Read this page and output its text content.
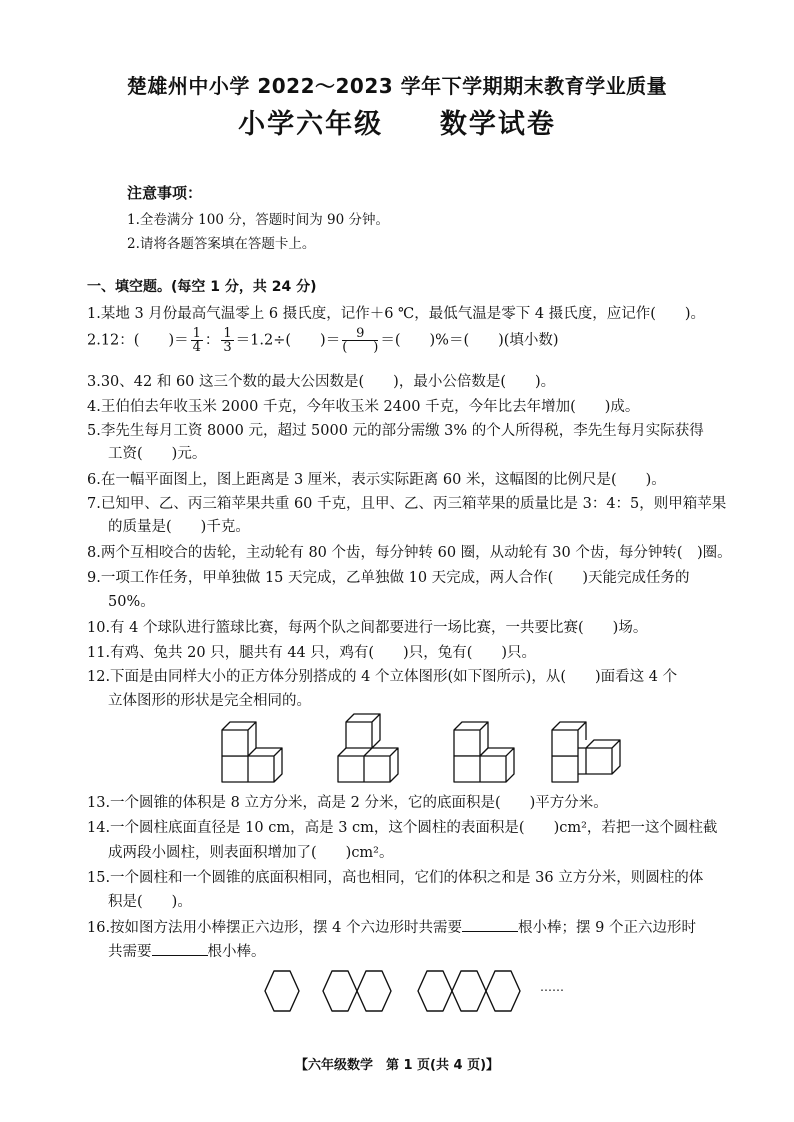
楚雄州中小学 2022～2023 学年下学期期末教育学业质量
小学六年级 数学试卷
注意事项：
1.全卷满分 100 分，答题时间为 90 分钟。
2.请将各题答案填在答题卡上。
一、填空题。(每空 1 分，共 24 分)
1.某地 3 月份最高气温零上 6 摄氏度，记作＋6 ℃，最低气温是零下 4 摄氏度，应记作(　　)。
2.12：(　　)＝ $\frac{1}{4}$ ： $\frac{1}{3} =1.2\div$(　　)＝ $\frac{9}{( )}$ ＝(　　)%＝(　　)(填小数)
3.30、42 和 60 这三个数的最大公因数是(　　)，最小公倍数是(　　)。
4.王伯伯去年收玉米 2000 千克，今年收玉米 2400 千克，今年比去年增加(　　)成。
5.李先生每月工资 8000 元，超过 5000 元的部分需缴 3% 的个人所得税，李先生每月实际获得
工资(　　)元。
6.在一幅平面图上，图上距离是 3 厘米，表示实际距离 60 米，这幅图的比例尺是(　　)。
7.已知甲、乙、丙三箱苹果共重 60 千克，且甲、乙、丙三箱苹果的质量比是 3：4：5，则甲箱苹果
的质量是(　　)千克。
8.两个互相咬合的齿轮，主动轮有 80 个齿，每分钟转 60 圈，从动轮有 30 个齿，每分钟转(　)圈。
9.一项工作任务，甲单独做 15 天完成，乙单独做 10 天完成，两人合作(　　)天能完成任务的
50%。
10.有 4 个球队进行篮球比赛，每两个队之间都要进行一场比赛，一共要比赛(　　)场。
11.有鸡、兔共 20 只，腿共有 44 只，鸡有(　　)只，兔有(　　)只。
12.下面是由同样大小的正方体分别搭成的 4 个立体图形(如下图所示)，从(　　)面看这 4 个
立体图形的形状是完全相同的。
13.一个圆锥的体积是 8 立方分米，高是 2 分米，它的底面积是(　　)平方分米。
14.一个圆柱底面直径是 10 cm，高是 3 cm，这个圆柱的表面积是(　　)cm²，若把一这个圆柱截
成两段小圆柱，则表面积增加了(　　)cm²。
15.一个圆柱和一个圆锥的底面积相同，高也相同，它们的体积之和是 36 立方分米，则圆柱的体
积是(　　)。
16.按如图方法用小棒摆正六边形，摆 4 个六边形时共需要	根小棒；摆 9 个正六边形时
共需要	根小棒。
……
【六年级数学　第 1 页(共 4 页)】
